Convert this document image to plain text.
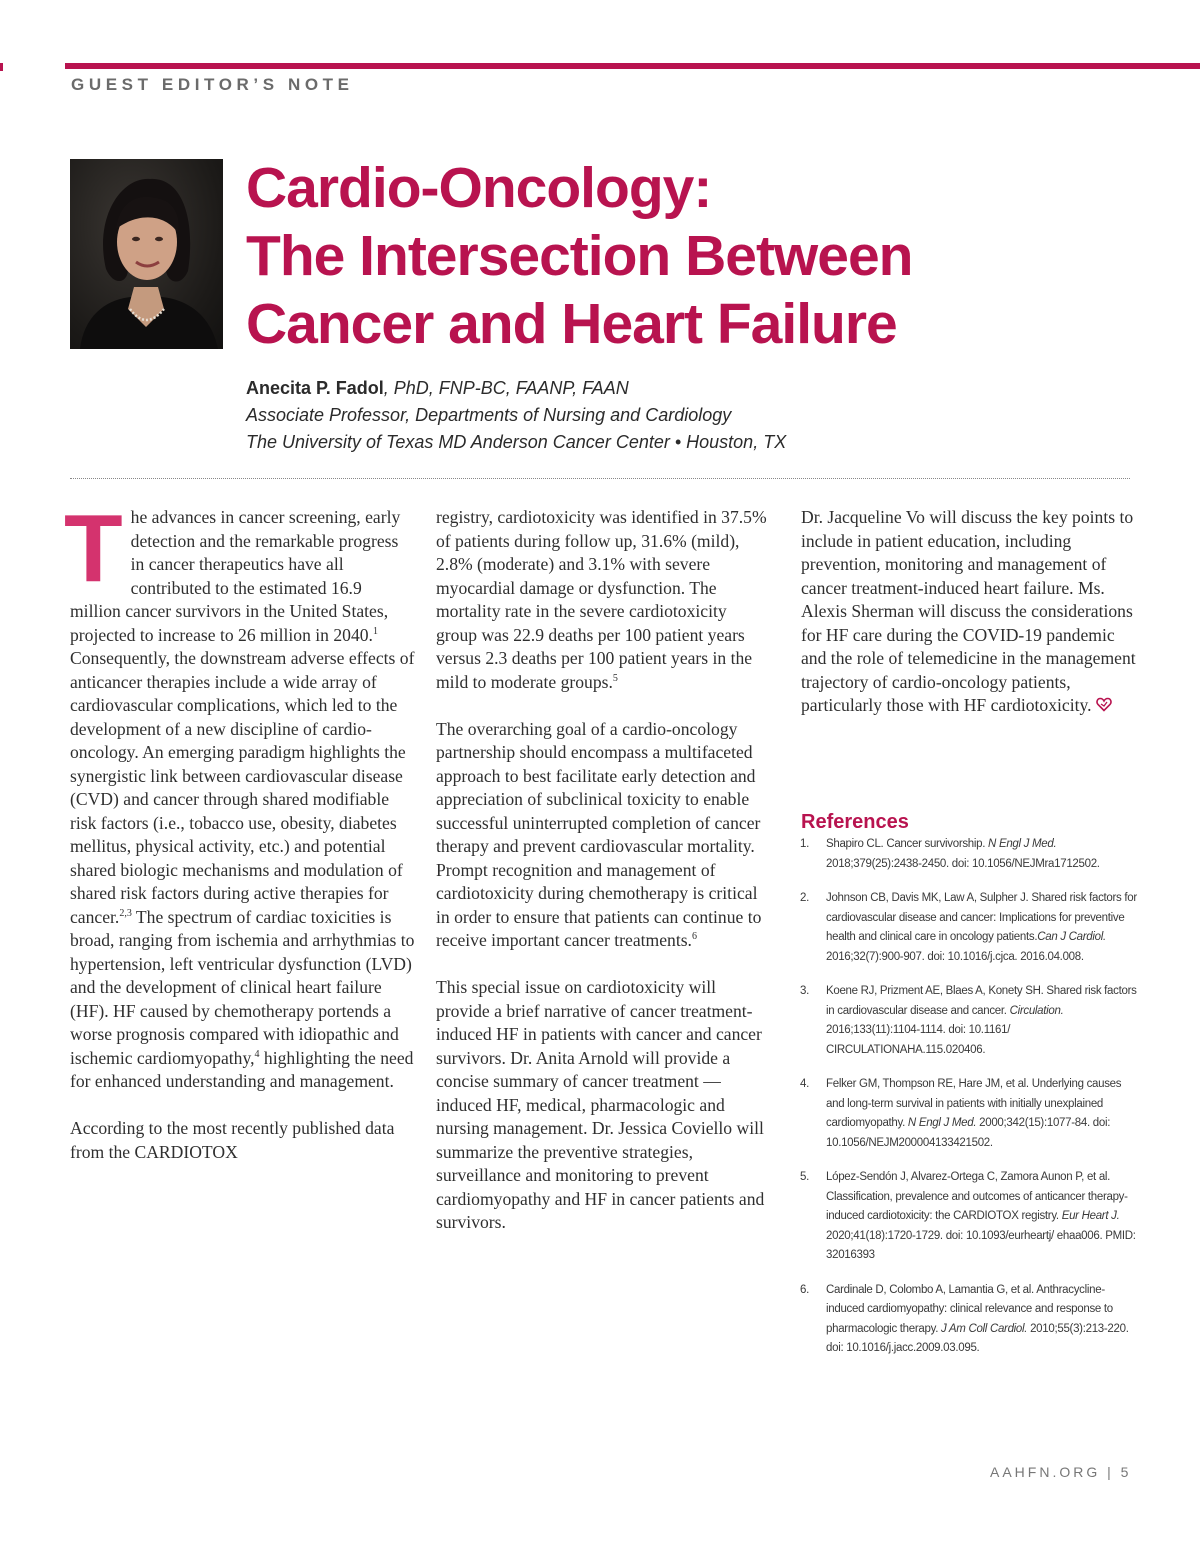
GUEST EDITOR’S NOTE
Cardio-Oncology:
The Intersection Between
Cancer and Heart Failure
Anecita P. Fadol, PhD, FNP-BC, FAANP, FAAN
Associate Professor, Departments of Nursing and Cardiology
The University of Texas MD Anderson Cancer Center • Houston, TX

The advances in cancer screening, early detection and the remarkable progress in cancer therapeutics have all contributed to the estimated 16.9 million cancer survivors in the United States, projected to increase to 26 million in 2040.$^1$ Consequently, the downstream adverse effects of anticancer therapies include a wide array of cardiovascular complications, which led to the development of a new discipline of cardio-oncology. An emerging paradigm highlights the synergistic link between cardiovascular disease (CVD) and cancer through shared modifiable risk factors (i.e., tobacco use, obesity, diabetes mellitus, physical activity, etc.) and potential shared biologic mechanisms and modulation of shared risk factors during active therapies for cancer.$^{2,3}$ The spectrum of cardiac toxicities is broad, ranging from ischemia and arrhythmias to hypertension, left ventricular dysfunction (LVD) and the development of clinical heart failure (HF). HF caused by chemotherapy portends a worse prognosis compared with idiopathic and ischemic cardiomyopathy,$^4$ highlighting the need for enhanced understanding and management.

According to the most recently published data from the CARDIOTOX

registry, cardiotoxicity was identified in 37.5% of patients during follow up, 31.6% (mild), 2.8% (moderate) and 3.1% with severe myocardial damage or dysfunction. The mortality rate in the severe cardiotoxicity group was 22.9 deaths per 100 patient years versus 2.3 deaths per 100 patient years in the mild to moderate groups.$^5$

The overarching goal of a cardio-oncology partnership should encompass a multifaceted approach to best facilitate early detection and appreciation of subclinical toxicity to enable successful uninterrupted completion of cancer therapy and prevent cardiovascular mortality. Prompt recognition and management of cardiotoxicity during chemotherapy is critical in order to ensure that patients can continue to receive important cancer treatments.$^6$

This special issue on cardiotoxicity will provide a brief narrative of cancer treatment-induced HF in patients with cancer and cancer survivors. Dr. Anita Arnold will provide a concise summary of cancer treatment — induced HF, medical, pharmacologic and nursing management. Dr. Jessica Coviello will summarize the preventive strategies, surveillance and monitoring to prevent cardiomyopathy and HF in cancer patients and survivors.

Dr. Jacqueline Vo will discuss the key points to include in patient education, including prevention, monitoring and management of cancer treatment-induced heart failure. Ms. Alexis Sherman will discuss the considerations for HF care during the COVID-19 pandemic and the role of telemedicine in the management trajectory of cardio-oncology patients, particularly those with HF cardiotoxicity.

References
1.	Shapiro CL. Cancer survivorship. N Engl J Med. 2018;379(25):2438-2450. doi: 10.1056/NEJMra1712502.
2.	Johnson CB, Davis MK, Law A, Sulpher J. Shared risk factors for cardiovascular disease and cancer: Implications for preventive health and clinical care in oncology patients.Can J Cardiol. 2016;32(7):900-907. doi: 10.1016/j.cjca. 2016.04.008.
3.	Koene RJ, Prizment AE, Blaes A, Konety SH. Shared risk factors in cardiovascular disease and cancer. Circulation. 2016;133(11):1104-1114. doi: 10.1161/ CIRCULATIONAHA.115.020406.
4.	Felker GM, Thompson RE, Hare JM, et al. Underlying causes and long-term survival in patients with initially unexplained cardiomyopathy. N Engl J Med. 2000;342(15):1077-84. doi: 10.1056/NEJM200004133421502.
5.	López-Sendón J, Alvarez-Ortega C, Zamora Aunon P, et al. Classification, prevalence and outcomes of anticancer therapy-induced cardiotoxicity: the CARDIOTOX registry. Eur Heart J. 2020;41(18):1720-1729. doi: 10.1093/eurheartj/ ehaa006. PMID: 32016393
6.	Cardinale D, Colombo A, Lamantia G, et al. Anthracycline-induced cardiomyopathy: clinical relevance and response to pharmacologic therapy. J Am Coll Cardiol. 2010;55(3):213-220. doi: 10.1016/j.jacc.2009.03.095.
AAHFN.ORG | 5
